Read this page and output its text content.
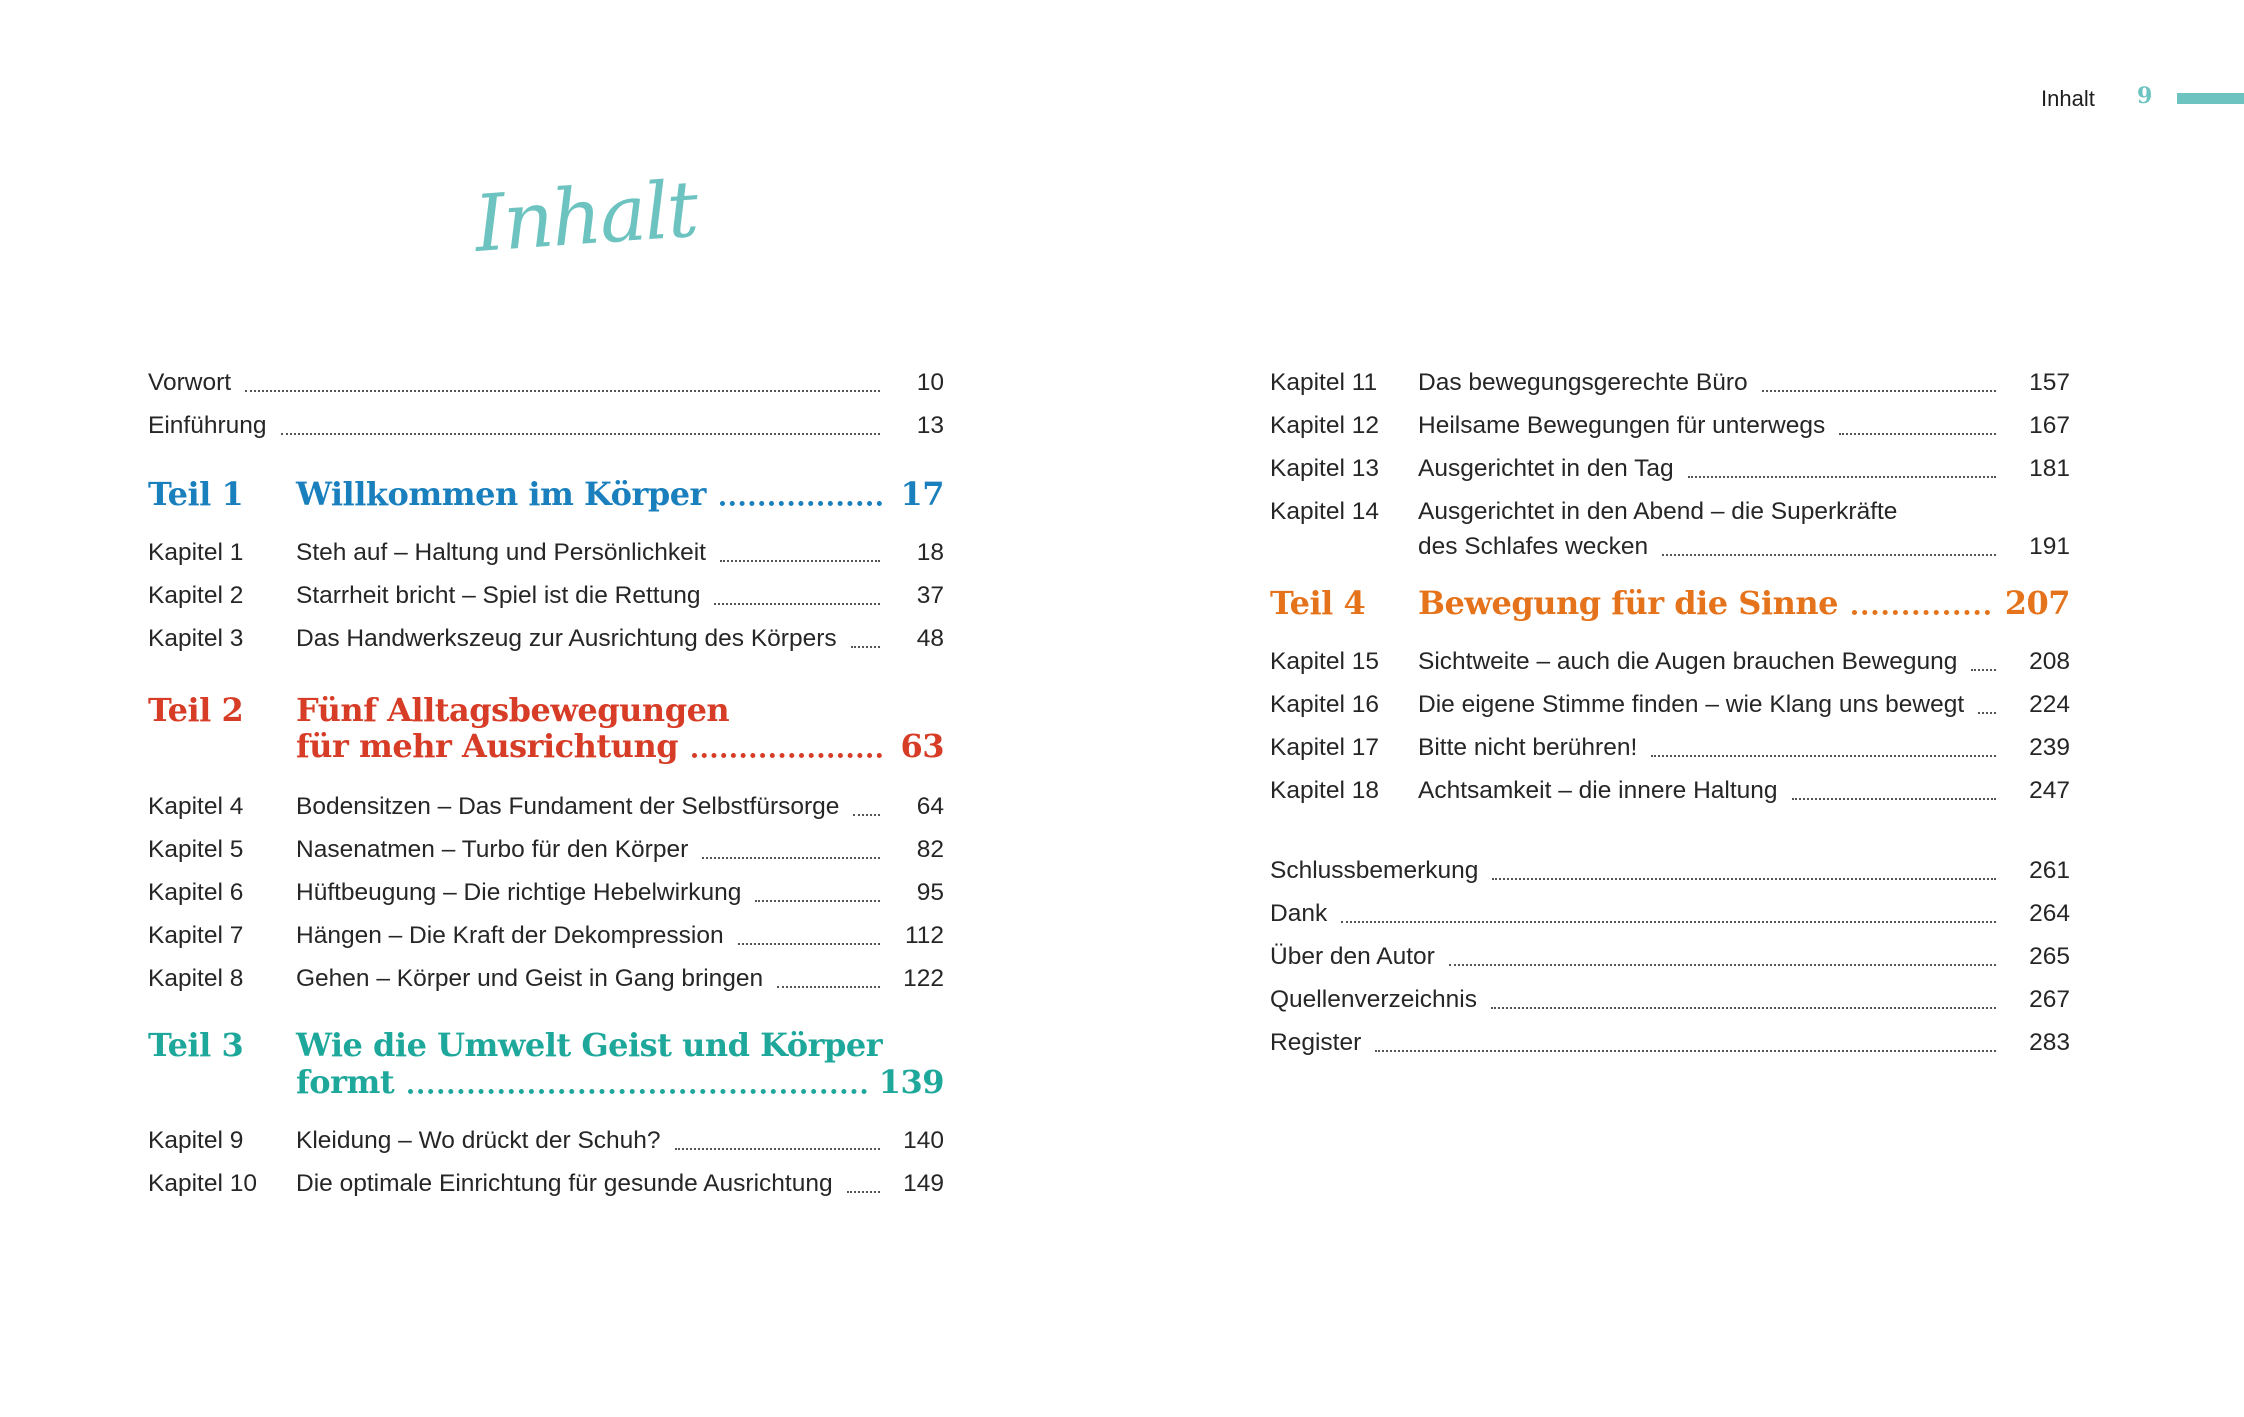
Inhalt 9
Inhalt
Vorwort	10
Einführung	13
Teil 1	Willkommen im Körper	17
Kapitel 1	Steh auf – Haltung und Persönlichkeit	18
Kapitel 2	Starrheit bricht – Spiel ist die Rettung	37
Kapitel 3	Das Handwerkszeug zur Ausrichtung des Körpers	48
Teil 2 Fünf Alltagsbewegungen
für mehr Ausrichtung	63
Kapitel 4	Bodensitzen – Das Fundament der Selbstfürsorge	64
Kapitel 5	Nasenatmen – Turbo für den Körper	82
Kapitel 6	Hüftbeugung – Die richtige Hebelwirkung	95
Kapitel 7	Hängen – Die Kraft der Dekompression	112
Kapitel 8	Gehen – Körper und Geist in Gang bringen	122
Teil 3 Wie die Umwelt Geist und Körper
formt	139
Kapitel 9	Kleidung – Wo drückt der Schuh?	140
Kapitel 10	Die optimale Einrichtung für gesunde Ausrichtung	149
Kapitel 11	Das bewegungsgerechte Büro	157
Kapitel 12	Heilsame Bewegungen für unterwegs	167
Kapitel 13	Ausgerichtet in den Tag	181
Kapitel 14	Ausgerichtet in den Abend – die Superkräfte
des Schlafes wecken	191
Teil 4	Bewegung für die Sinne	207
Kapitel 15	Sichtweite – auch die Augen brauchen Bewegung	208
Kapitel 16	Die eigene Stimme finden – wie Klang uns bewegt	224
Kapitel 17	Bitte nicht berühren!	239
Kapitel 18	Achtsamkeit – die innere Haltung	247
Schlussbemerkung	261
Dank	264
Über den Autor	265
Quellenverzeichnis	267
Register	283
